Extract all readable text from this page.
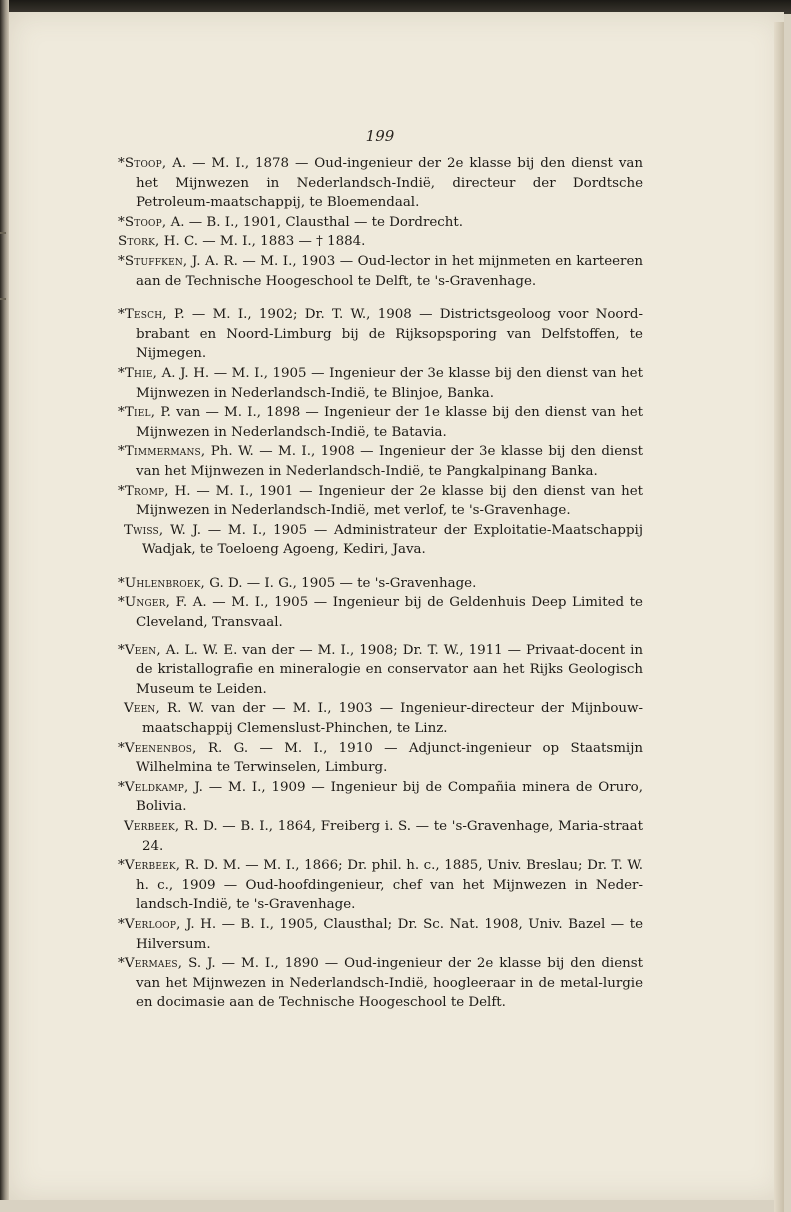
199

*Stoop, A. — M. I., 1878 — Oud-ingenieur der 2e klasse bij den dienst van het Mijnwezen in Nederlandsch-Indië, directeur der Dordtsche Petroleum-maatschappij, te Bloemendaal.

*Stoop, A. — B. I., 1901, Clausthal — te Dordrecht.

Stork, H. C. — M. I., 1883 — † 1884.

*Stuffken, J. A. R. — M. I., 1903 — Oud-lector in het mijnmeten en karteeren aan de Technische Hoogeschool te Delft, te 's-Gravenhage.

*Tesch, P. — M. I., 1902; Dr. T. W., 1908 — Districtsgeoloog voor Noord-brabant en Noord-Limburg bij de Rijksopsporing van Delfstoffen, te Nijmegen.

*Thie, A. J. H. — M. I., 1905 — Ingenieur der 3e klasse bij den dienst van het Mijnwezen in Nederlandsch-Indië, te Blinjoe, Banka.

*Tiel, P. van — M. I., 1898 — Ingenieur der 1e klasse bij den dienst van het Mijnwezen in Nederlandsch-Indië, te Batavia.

*Timmermans, Ph. W. — M. I., 1908 — Ingenieur der 3e klasse bij den dienst van het Mijnwezen in Nederlandsch-Indië, te Pangkalpinang Banka.

*Tromp, H. — M. I., 1901 — Ingenieur der 2e klasse bij den dienst van het Mijnwezen in Nederlandsch-Indië, met verlof, te 's-Gravenhage.

Twiss, W. J. — M. I., 1905 — Administrateur der Exploitatie-Maatschappij Wadjak, te Toeloeng Agoeng, Kediri, Java.

*Uhlenbroek, G. D. — I. G., 1905 — te 's-Gravenhage.

*Unger, F. A. — M. I., 1905 — Ingenieur bij de Geldenhuis Deep Limited te Cleveland, Transvaal.

*Veen, A. L. W. E. van der — M. I., 1908; Dr. T. W., 1911 — Privaat-docent in de kristallografie en mineralogie en conservator aan het Rijks Geologisch Museum te Leiden.

Veen, R. W. van der — M. I., 1903 — Ingenieur-directeur der Mijnbouw-maatschappij Clemenslust-Phinchen, te Linz.

*Veenenbos, R. G. — M. I., 1910 — Adjunct-ingenieur op Staatsmijn Wilhelmina te Terwinselen, Limburg.

*Veldkamp, J. — M. I., 1909 — Ingenieur bij de Compañia minera de Oruro, Bolivia.

Verbeek, R. D. — B. I., 1864, Freiberg i. S. — te 's-Gravenhage, Maria-straat 24.

*Verbeek, R. D. M. — M. I., 1866; Dr. phil. h. c., 1885, Univ. Breslau; Dr. T. W. h. c., 1909 — Oud-hoofdingenieur, chef van het Mijnwezen in Neder-landsch-Indië, te 's-Gravenhage.

*Verloop, J. H. — B. I., 1905, Clausthal; Dr. Sc. Nat. 1908, Univ. Bazel — te Hilversum.

*Vermaes, S. J. — M. I., 1890 — Oud-ingenieur der 2e klasse bij den dienst van het Mijnwezen in Nederlandsch-Indië, hoogleeraar in de metal-lurgie en docimasie aan de Technische Hoogeschool te Delft.
